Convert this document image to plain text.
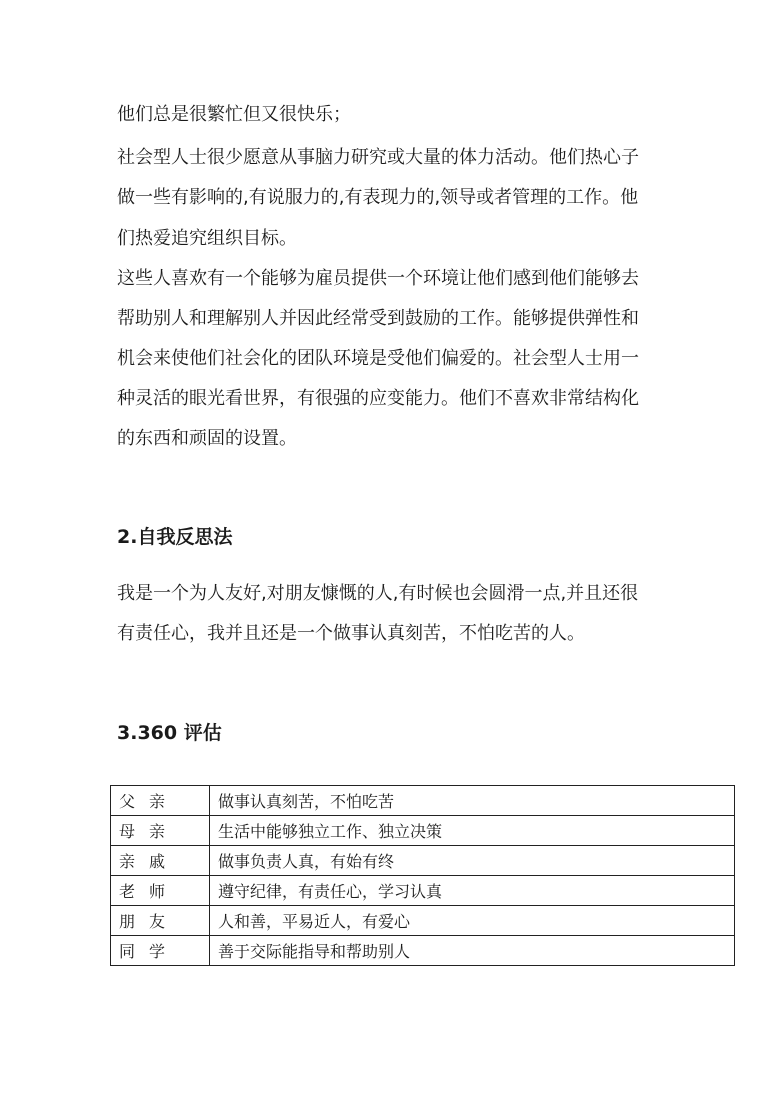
他们总是很繁忙但又很快乐；
社会型人士很少愿意从事脑力研究或大量的体力活动。他们热心子
做一些有影响的,有说服力的,有表现力的,领导或者管理的工作。他
们热爱追究组织目标。
这些人喜欢有一个能够为雇员提供一个环境让他们感到他们能够去
帮助别人和理解别人并因此经常受到鼓励的工作。能够提供弹性和
机会来使他们社会化的团队环境是受他们偏爱的。社会型人士用一
种灵活的眼光看世界，有很强的应变能力。他们不喜欢非常结构化
的东西和顽固的设置。
2.自我反思法
我是一个为人友好,对朋友慷慨的人,有时候也会圆滑一点,并且还很
有责任心，我并且还是一个做事认真刻苦，不怕吃苦的人。
3.360 评估
父亲	做事认真刻苦，不怕吃苦
母亲	生活中能够独立工作、独立决策
亲戚	做事负责人真，有始有终
老师	遵守纪律，有责任心，学习认真
朋友	人和善，平易近人，有爱心
同学	善于交际能指导和帮助别人
